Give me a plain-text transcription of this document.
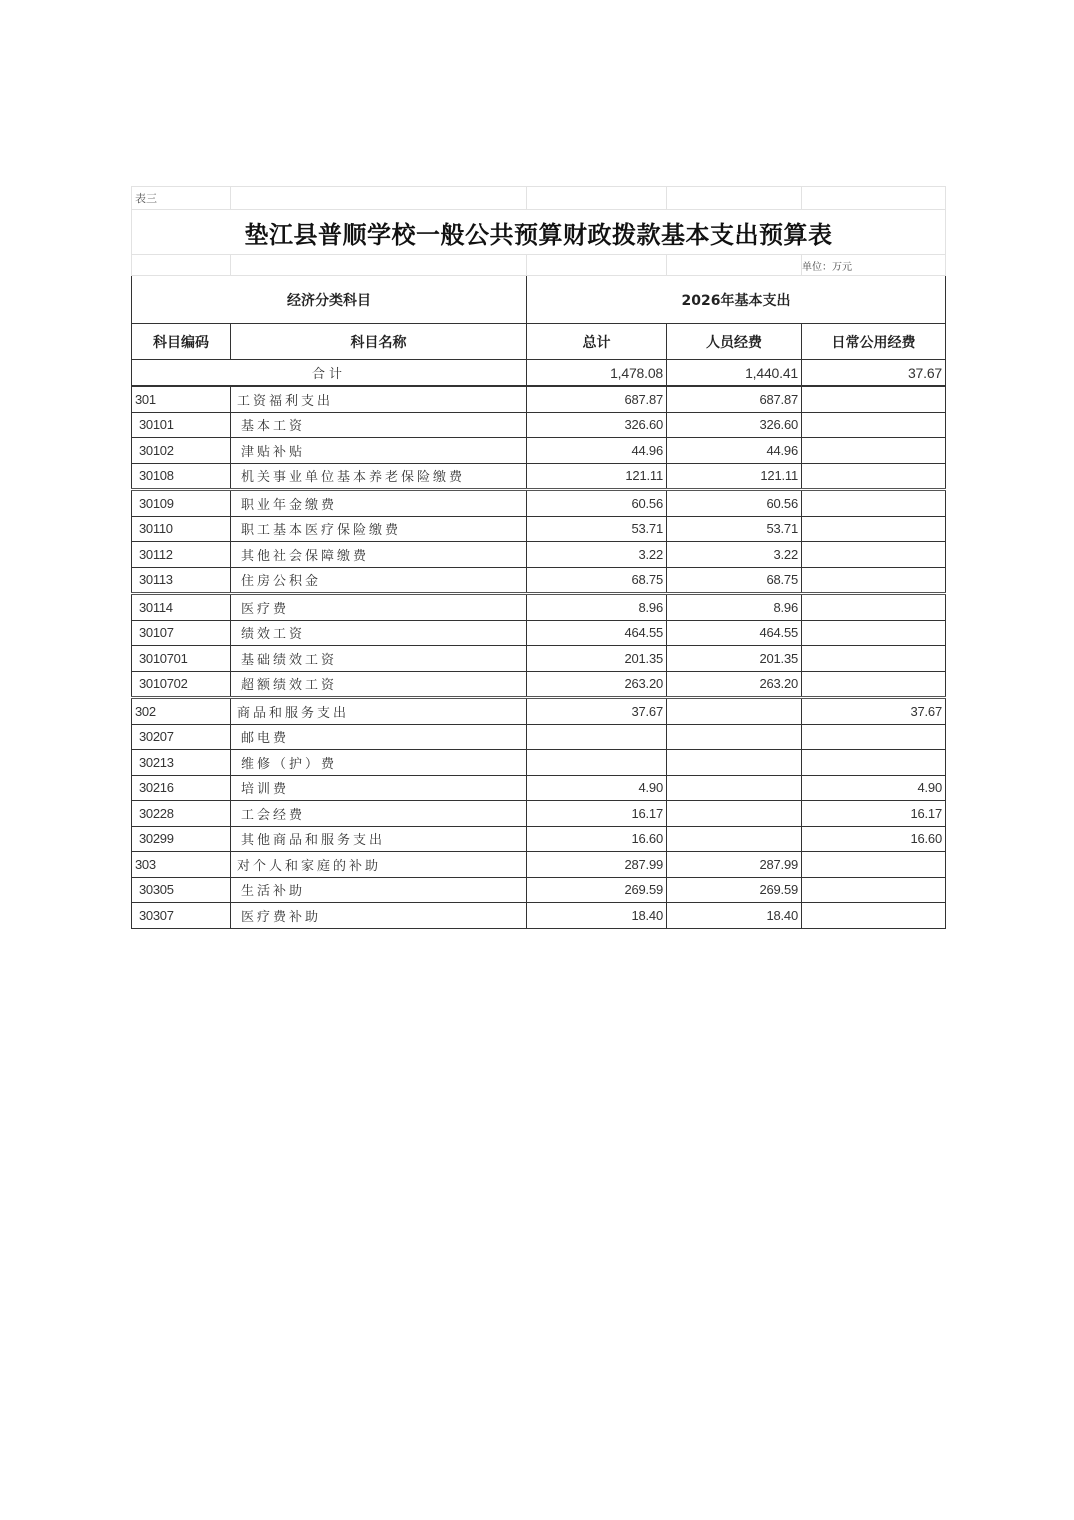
表三				
垫江县普顺学校一般公共预算财政拨款基本支出预算表				
				单位：万元
经济分类科目		2026年基本支出		
科目编码	科目名称	总计	人员经费	日常公用经费
合计		1,478.08	1,440.41	37.67
301	工资福利支出	687.87	687.87	
30101	基本工资	326.60	326.60	
30102	津贴补贴	44.96	44.96	
30108	机关事业单位基本养老保险缴费	121.11	121.11	
30109	职业年金缴费	60.56	60.56	
30110	职工基本医疗保险缴费	53.71	53.71	
30112	其他社会保障缴费	3.22	3.22	
30113	住房公积金	68.75	68.75	
30114	医疗费	8.96	8.96	
30107	绩效工资	464.55	464.55	
3010701	基础绩效工资	201.35	201.35	
3010702	超额绩效工资	263.20	263.20	
302	商品和服务支出	37.67		37.67
30207	邮电费			
30213	维修（护）费			
30216	培训费	4.90		4.90
30228	工会经费	16.17		16.17
30299	其他商品和服务支出	16.60		16.60
303	对个人和家庭的补助	287.99	287.99	
30305	生活补助	269.59	269.59	
30307	医疗费补助	18.40	18.40	
